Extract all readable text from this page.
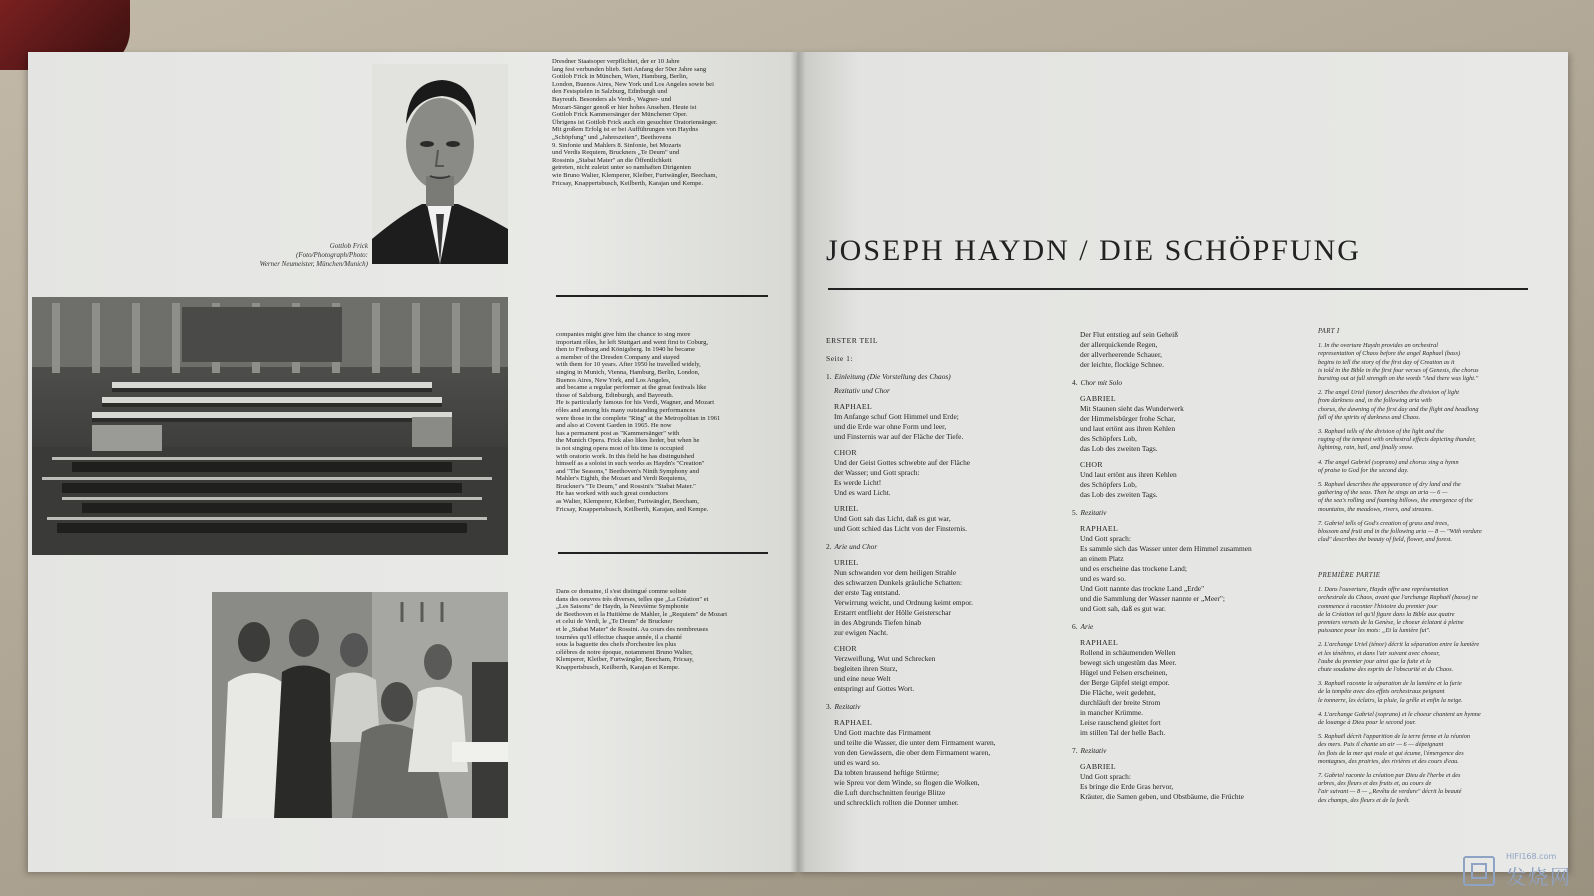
Gottlob Frick
(Foto/Photograph/Photo:
Werner Neumeister, München/Munich)
Dresdner Staatsoper verpflichtet, der er 10 Jahre
lang fest verbunden blieb. Seit Anfang der 50er Jahre sang
Gottlob Frick in München, Wien, Hamburg, Berlin,
London, Buenos Aires, New York und Los Angeles sowie bei
den Festspielen in Salzburg, Edinburgh und
Bayreuth. Besonders als Verdi-, Wagner- und
Mozart-Sänger genoß er hier hohes Ansehen. Heute ist
Gottlob Frick Kammersänger der Münchener Oper.
Übrigens ist Gottlob Frick auch ein gesuchter Oratoriensänger.
Mit großem Erfolg ist er bei Aufführungen von Haydns
„Schöpfung" und „Jahreszeiten", Beethovens
9. Sinfonie und Mahlers 8. Sinfonie, bei Mozarts
und Verdis Requiem, Bruckners „Te Deum" und
Rossinis „Stabat Mater" an die Öffentlichkeit
getreten, nicht zuletzt unter so namhaften Dirigenten
wie Bruno Walter, Klemperer, Kleiber, Furtwängler, Beecham,
Fricsay, Knappertsbusch, Keilberth, Karajan und Kempe.
companies might give him the chance to sing more
important rôles, he left Stuttgart and went first to Coburg,
then to Freiburg and Königsberg. In 1940 he became
a member of the Dresden Company and stayed
with them for 10 years. After 1950 he travelled widely,
singing in Munich, Vienna, Hamburg, Berlin, London,
Buenos Aires, New York, and Los Angeles,
and became a regular performer at the great festivals like
those of Salzburg, Edinburgh, and Bayreuth.
He is particularly famous for his Verdi, Wagner, and Mozart
rôles and among his many outstanding performances
were those in the complete "Ring" at the Metropolitan in 1961
and also at Covent Garden in 1965. He now
has a permanent post as "Kammersänger" with
the Munich Opera. Frick also likes lieder, but when he
is not singing opera most of his time is occupied
with oratorio work. In this field he has distinguished
himself as a soloist in such works as Haydn's "Creation"
and "The Seasons," Beethoven's Ninth Symphony and
Mahler's Eighth, the Mozart and Verdi Requiems,
Bruckner's "Te Deum," and Rossini's "Stabat Mater."
He has worked with such great conductors
as Walter, Klemperer, Kleiber, Furtwängler, Beecham,
Fricsay, Knappertsbusch, Keilberth, Karajan, and Kempe.
Dans ce domaine, il s'est distingué comme soliste
dans des oeuvres très diverses, telles que „La Création" et
„Les Saisons" de Haydn, la Neuvième Symphonie
de Beethoven et la Huitième de Mahler, le „Requiem" de Mozart
et celui de Verdi, le „Te Deum" de Bruckner
et le „Stabat Mater" de Rossini. Au cours des nombreuses
tournées qu'il effectue chaque année, il a chanté
sous la baguette des chefs d'orchestre les plus
célèbres de notre époque, notamment Bruno Walter,
Klemperer, Kleiber, Furtwängler, Beecham, Fricsay,
Knappertsbusch, Keilberth, Karajan et Kempe.
JOSEPH HAYDN / DIE SCHÖPFUNG
ERSTER TEIL
Seite 1:
1. Einleitung (Die Vorstellung des Chaos)
Rezitativ und Chor
RAPHAEL
Im Anfange schuf Gott Himmel und Erde;
und die Erde war ohne Form und leer,
und Finsternis war auf der Fläche der Tiefe.
CHOR
Und der Geist Gottes schwebte auf der Fläche
der Wasser; und Gott sprach:
Es werde Licht!
Und es ward Licht.
URIEL
Und Gott sah das Licht, daß es gut war,
und Gott schied das Licht von der Finsternis.
2. Arie und Chor
URIEL
Nun schwanden vor dem heiligen Strahle
des schwarzen Dunkels gräuliche Schatten:
der erste Tag entstand.
Verwirrung weicht, und Ordnung keimt empor.
Erstarrt entflieht der Hölle Geisterschar
in des Abgrunds Tiefen hinab
zur ewigen Nacht.
CHOR
Verzweiflung, Wut und Schrecken
begleiten ihren Sturz,
und eine neue Welt
entspringt auf Gottes Wort.
3. Rezitativ
RAPHAEL
Und Gott machte das Firmament
und teilte die Wasser, die unter dem Firmament waren,
von den Gewässern, die ober dem Firmament waren,
und es ward so.
Da tobten brausend heftige Stürme;
wie Spreu vor dem Winde, so flogen die Wolken,
die Luft durchschnitten feurige Blitze
und schrecklich rollten die Donner umher.
Der Flut entstieg auf sein Geheiß
der allerquickende Regen,
der allverheerende Schauer,
der leichte, flockige Schnee.
4. Chor mit Solo
GABRIEL
Mit Staunen sieht das Wunderwerk
der Himmelsbürger frohe Schar,
und laut ertönt aus ihren Kehlen
des Schöpfers Lob,
das Lob des zweiten Tags.
CHOR
Und laut ertönt aus ihren Kehlen
des Schöpfers Lob,
das Lob des zweiten Tags.
5. Rezitativ
RAPHAEL
Und Gott sprach:
Es sammle sich das Wasser unter dem Himmel zusammen
an einem Platz
und es erscheine das trockene Land;
und es ward so.
Und Gott nannte das trockne Land „Erde"
und die Sammlung der Wasser nannte er „Meer";
und Gott sah, daß es gut war.
6. Arie
RAPHAEL
Rollend in schäumenden Wellen
bewegt sich ungestüm das Meer.
Hügel und Felsen erscheinen,
der Berge Gipfel steigt empor.
Die Fläche, weit gedehnt,
durchläuft der breite Strom
in mancher Krümme.
Leise rauschend gleitet fort
im stillen Tal der helle Bach.
7. Rezitativ
GABRIEL
Und Gott sprach:
Es bringe die Erde Gras hervor,
Kräuter, die Samen geben, und Obstbäume, die Früchte
PART I
1. In the overture Haydn provides an orchestral
representation of Chaos before the angel Raphael (bass)
begins to tell the story of the first day of Creation as it
is told in the Bible in the first four verses of Genesis, the chorus
bursting out at full strength on the words "And there was light."
2. The angel Uriel (tenor) describes the division of light
from darkness and, in the following aria with
chorus, the dawning of the first day and the flight and headlong
fall of the spirits of darkness and Chaos.
3. Raphael tells of the division of the light and the
raging of the tempest with orchestral effects depicting thunder,
lightning, rain, hail, and finally snow.
4. The angel Gabriel (soprano) and chorus sing a hymn
of praise to God for the second day.
5. Raphael describes the appearance of dry land and the
gathering of the seas. Then he sings an aria — 6 —
of the sea's rolling and foaming billows, the emergence of the
mountains, the meadows, rivers, and streams.
7. Gabriel tells of God's creation of grass and trees,
blossom and fruit and in the following aria — 8 — "With verdure
clad" describes the beauty of field, flower, and forest.
PREMIÈRE PARTIE
1. Dans l'ouverture, Haydn offre une représentation
orchestrale du Chaos, avant que l'archange Raphaël (basse) ne
commence à raconter l'histoire du premier jour
de la Création tel qu'il figure dans la Bible aux quatre
premiers versets de la Genèse, le choeur éclatant à pleine
puissance pour les mots: „Et la lumière fut".
2. L'archange Uriel (ténor) décrit la séparation entre la lumière
et les ténèbres, et dans l'air suivant avec choeur,
l'aube du premier jour ainsi que la fuite et la
chute soudaine des esprits de l'obscurité et du Chaos.
3. Raphaël raconte la séparation de la lumière et la furie
de la tempête avec des effets orchestraux peignant
le tonnerre, les éclairs, la pluie, la grêle et enfin la neige.
4. L'archange Gabriel (soprano) et le choeur chantent un hymne
de louange à Dieu pour le second jour.
5. Raphaël décrit l'apparition de la terre ferme et la réunion
des mers. Puis il chante un air — 6 — dépeignant
les flots de la mer qui roule et qui écume, l'émergence des
montagnes, des prairies, des rivières et des cours d'eau.
7. Gabriel raconte la création par Dieu de l'herbe et des
arbres, des fleurs et des fruits et, au cours de
l'air suivant — 8 — „Revêtu de verdure" décrit la beauté
des champs, des fleurs et de la forêt.

HIFI168.com
发烧网
